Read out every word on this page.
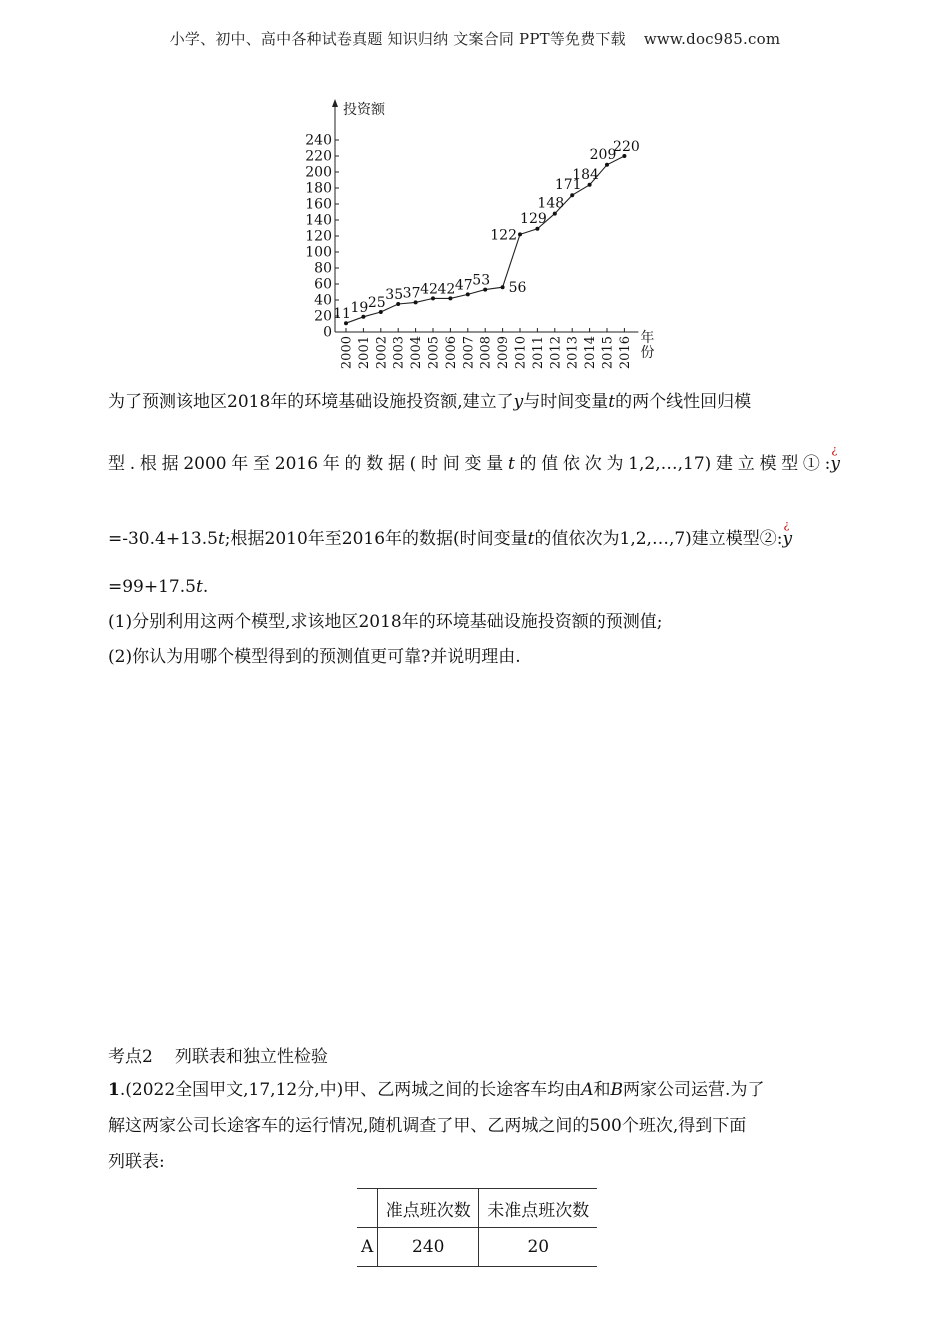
小学、初中、高中各种试卷真题 知识归纳 文案合同 PPT等免费下载 www.doc985.com
投资额
年
份
0
20
40
60
80
100
120
140
160
180
200
220
240
2000 2001 2002 2003 2004 2005 2006 2007 2008 2009 2010 2011 2012 2013 2014 2015 2016
11 19 25 35 37 42 42 47 53 56
122
129
148
171
184
209
220
为了预测该地区2018年的环境基础设施投资额,建立了y与时间变量t的两个线性回归模
型.根据2000年至2016年的数据(时间变量t的值依次为1,2,…,17)建立模型①:
¿
y
=-30.4+13.5t;根据2010年至2016年的数据(时间变量t的值依次为1,2,…,7)建立模型②:
¿
y
=99+17.5t.
(1)分别利用这两个模型,求该地区2018年的环境基础设施投资额的预测值;
(2)你认为用哪个模型得到的预测值更可靠?并说明理由.
考点2 列联表和独立性检验
1.(2022全国甲文,17,12分,中)甲、乙两城之间的长途客车均由A和B两家公司运营.为了
解这两家公司长途客车的运行情况,随机调查了甲、乙两城之间的500个班次,得到下面
列联表:
	准点班次数	未准点班次数
A	240	20
